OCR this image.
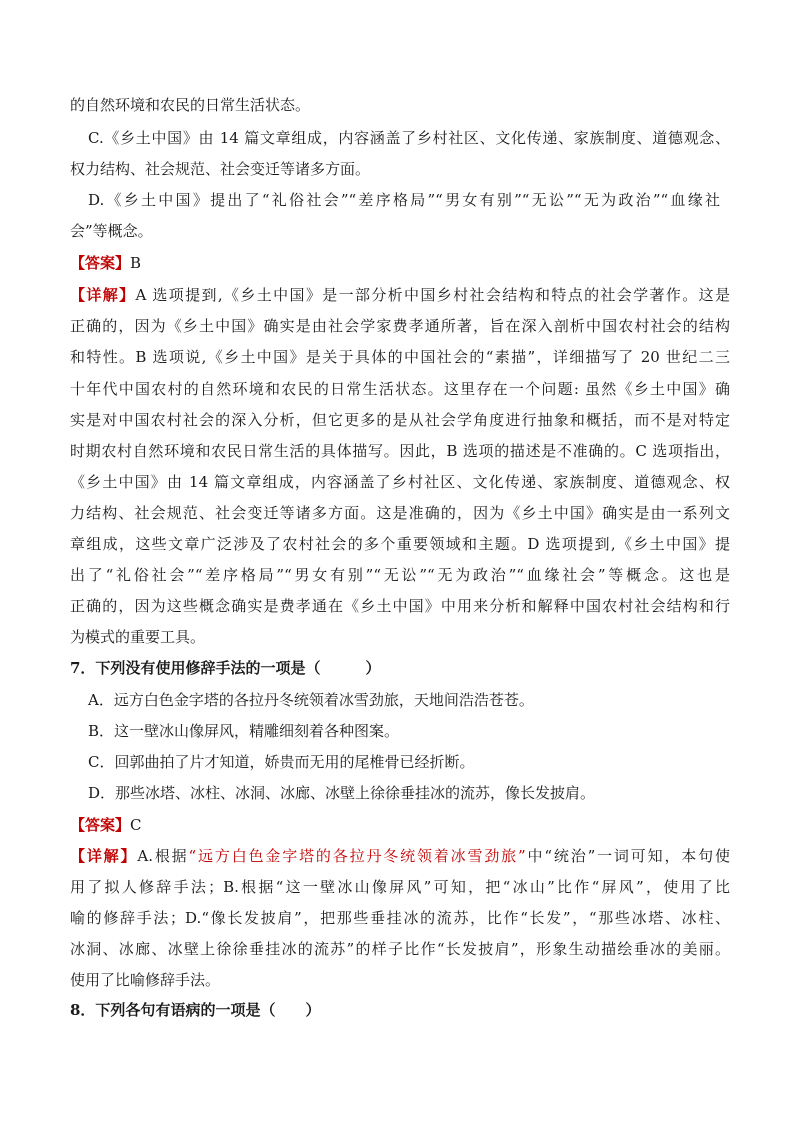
的自然环境和农民的日常生活状态。
C.《乡土中国》由 14 篇文章组成，内容涵盖了乡村社区、文化传递、家族制度、道德观念、
权力结构、社会规范、社会变迁等诸多方面。
D.《乡土中国》提出了“礼俗社会”“差序格局”“男女有别”“无讼”“无为政治”“血缘社
会”等概念。
【答案】B
【详解】A 选项提到,《乡土中国》是一部分析中国乡村社会结构和特点的社会学著作。这是
正确的，因为《乡土中国》确实是由社会学家费孝通所著，旨在深入剖析中国农村社会的结构
和特性。B 选项说,《乡土中国》是关于具体的中国社会的“素描”，详细描写了 20 世纪二三
十年代中国农村的自然环境和农民的日常生活状态。这里存在一个问题: 虽然《乡土中国》确
实是对中国农村社会的深入分析，但它更多的是从社会学角度进行抽象和概括，而不是对特定
时期农村自然环境和农民日常生活的具体描写。因此，B 选项的描述是不准确的。C 选项指出，
《乡土中国》由 14 篇文章组成，内容涵盖了乡村社区、文化传递、家族制度、道德观念、权
力结构、社会规范、社会变迁等诸多方面。这是准确的，因为《乡土中国》确实是由一系列文
章组成，这些文章广泛涉及了农村社会的多个重要领域和主题。D 选项提到,《乡土中国》提
出了“礼俗社会”“差序格局”“男女有别”“无讼”“无为政治”“血缘社会”等概念。这也是
正确的，因为这些概念确实是费孝通在《乡土中国》中用来分析和解释中国农村社会结构和行
为模式的重要工具。
7．下列没有使用修辞手法的一项是（　　　）
A．远方白色金字塔的各拉丹冬统领着冰雪劲旅，天地间浩浩苍苍。
B．这一壁冰山像屏风，精雕细刻着各种图案。
C．回郭曲拍了片才知道，娇贵而无用的尾椎骨已经折断。
D．那些冰塔、冰柱、冰洞、冰廊、冰壁上徐徐垂挂冰的流苏，像长发披肩。
【答案】C
【详解】A.根据“远方白色金字塔的各拉丹冬统领着冰雪劲旅”中“统治”一词可知，本句使
用了拟人修辞手法；B.根据“这一壁冰山像屏风”可知，把“冰山”比作“屏风”，使用了比
喻的修辞手法；D.“像长发披肩”，把那些垂挂冰的流苏，比作“长发”，“那些冰塔、冰柱、
冰洞、冰廊、冰壁上徐徐垂挂冰的流苏”的样子比作“长发披肩”，形象生动描绘垂冰的美丽。
使用了比喻修辞手法。
8．下列各句有语病的一项是（　　）
